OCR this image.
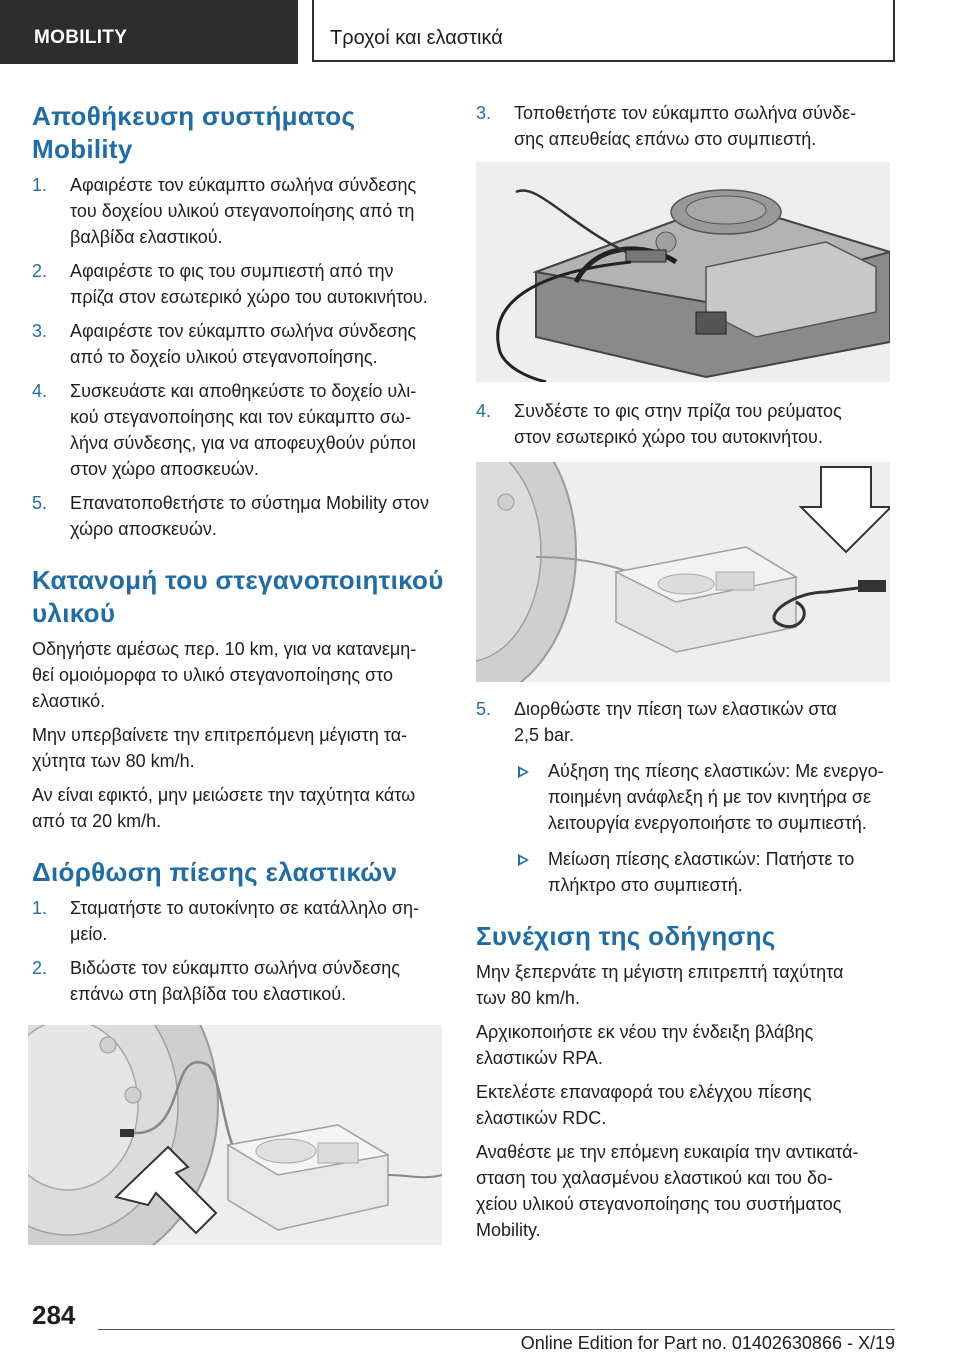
MOBILITY	Τροχοί και ελαστικά
Αποθήκευση συστήματος Mobility
1. Αφαιρέστε τον εύκαμπτο σωλήνα σύνδεσης
του δοχείου υλικού στεγανοποίησης από τη
βαλβίδα ελαστικού.
2. Αφαιρέστε το φις του συμπιεστή από την
πρίζα στον εσωτερικό χώρο του αυτοκινήτου.
3. Αφαιρέστε τον εύκαμπτο σωλήνα σύνδεσης
από το δοχείο υλικού στεγανοποίησης.
4. Συσκευάστε και αποθηκεύστε το δοχείο υλι-
κού στεγανοποίησης και τον εύκαμπτο σω-
λήνα σύνδεσης, για να αποφευχθούν ρύποι
στον χώρο αποσκευών.
5. Επανατοποθετήστε το σύστημα Mobility στον
χώρο αποσκευών.
Κατανομή του στεγανοποιητικού υλικού

Οδηγήστε αμέσως περ. 10 km, για να κατανεμη-
θεί ομοιόμορφα το υλικό στεγανοποίησης στο
ελαστικό.

Μην υπερβαίνετε την επιτρεπόμενη μέγιστη τα-
χύτητα των 80 km/h.

Αν είναι εφικτό, μην μειώσετε την ταχύτητα κάτω
από τα 20 km/h.

Διόρθωση πίεσης ελαστικών
1. Σταματήστε το αυτοκίνητο σε κατάλληλο ση-
μείο.
2. Βιδώστε τον εύκαμπτο σωλήνα σύνδεσης
επάνω στη βαλβίδα του ελαστικού.
3. Τοποθετήστε τον εύκαμπτο σωλήνα σύνδε-
σης απευθείας επάνω στο συμπιεστή.
4. Συνδέστε το φις στην πρίζα του ρεύματος
στον εσωτερικό χώρο του αυτοκινήτου.
5. Διορθώστε την πίεση των ελαστικών στα
2,5 bar.
Αύξηση της πίεσης ελαστικών: Με ενεργο-
ποιημένη ανάφλεξη ή με τον κινητήρα σε
λειτουργία ενεργοποιήστε το συμπιεστή.
Μείωση πίεσης ελαστικών: Πατήστε το
πλήκτρο στο συμπιεστή.
Συνέχιση της οδήγησης

Μην ξεπερνάτε τη μέγιστη επιτρεπτή ταχύτητα
των 80 km/h.

Αρχικοποιήστε εκ νέου την ένδειξη βλάβης
ελαστικών RPA.

Εκτελέστε επαναφορά του ελέγχου πίεσης
ελαστικών RDC.

Αναθέστε με την επόμενη ευκαιρία την αντικατά-
σταση του χαλασμένου ελαστικού και του δο-
χείου υλικού στεγανοποίησης του συστήματος
Mobility.

284
Online Edition for Part no. 01402630866 - X/19
